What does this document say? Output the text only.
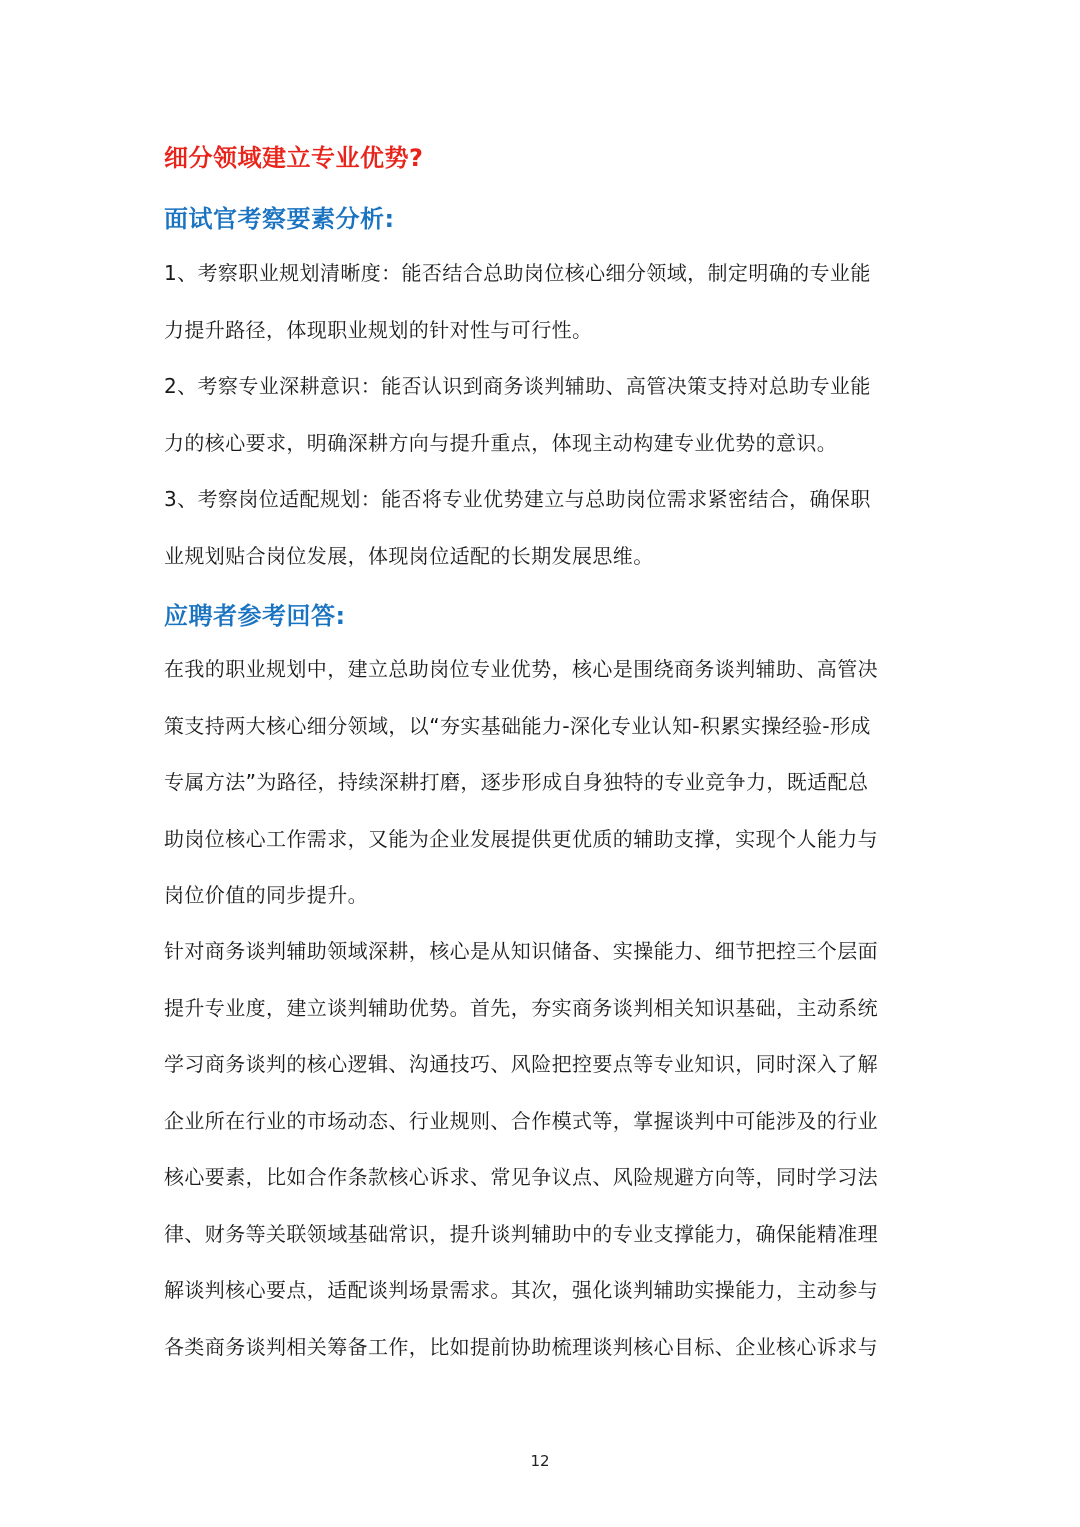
细分领域建立专业优势?
面试官考察要素分析:
1、考察职业规划清晰度：能否结合总助岗位核心细分领域，制定明确的专业能
力提升路径，体现职业规划的针对性与可行性。
2、考察专业深耕意识：能否认识到商务谈判辅助、高管决策支持对总助专业能
力的核心要求，明确深耕方向与提升重点，体现主动构建专业优势的意识。
3、考察岗位适配规划：能否将专业优势建立与总助岗位需求紧密结合，确保职
业规划贴合岗位发展，体现岗位适配的长期发展思维。
应聘者参考回答:
在我的职业规划中，建立总助岗位专业优势，核心是围绕商务谈判辅助、高管决
策支持两大核心细分领域，以“夯实基础能力-深化专业认知-积累实操经验-形成
专属方法”为路径，持续深耕打磨，逐步形成自身独特的专业竞争力，既适配总
助岗位核心工作需求，又能为企业发展提供更优质的辅助支撑，实现个人能力与
岗位价值的同步提升。
针对商务谈判辅助领域深耕，核心是从知识储备、实操能力、细节把控三个层面
提升专业度，建立谈判辅助优势。首先，夯实商务谈判相关知识基础，主动系统
学习商务谈判的核心逻辑、沟通技巧、风险把控要点等专业知识，同时深入了解
企业所在行业的市场动态、行业规则、合作模式等，掌握谈判中可能涉及的行业
核心要素，比如合作条款核心诉求、常见争议点、风险规避方向等，同时学习法
律、财务等关联领域基础常识，提升谈判辅助中的专业支撑能力，确保能精准理
解谈判核心要点，适配谈判场景需求。其次，强化谈判辅助实操能力，主动参与
各类商务谈判相关筹备工作，比如提前协助梳理谈判核心目标、企业核心诉求与
12
